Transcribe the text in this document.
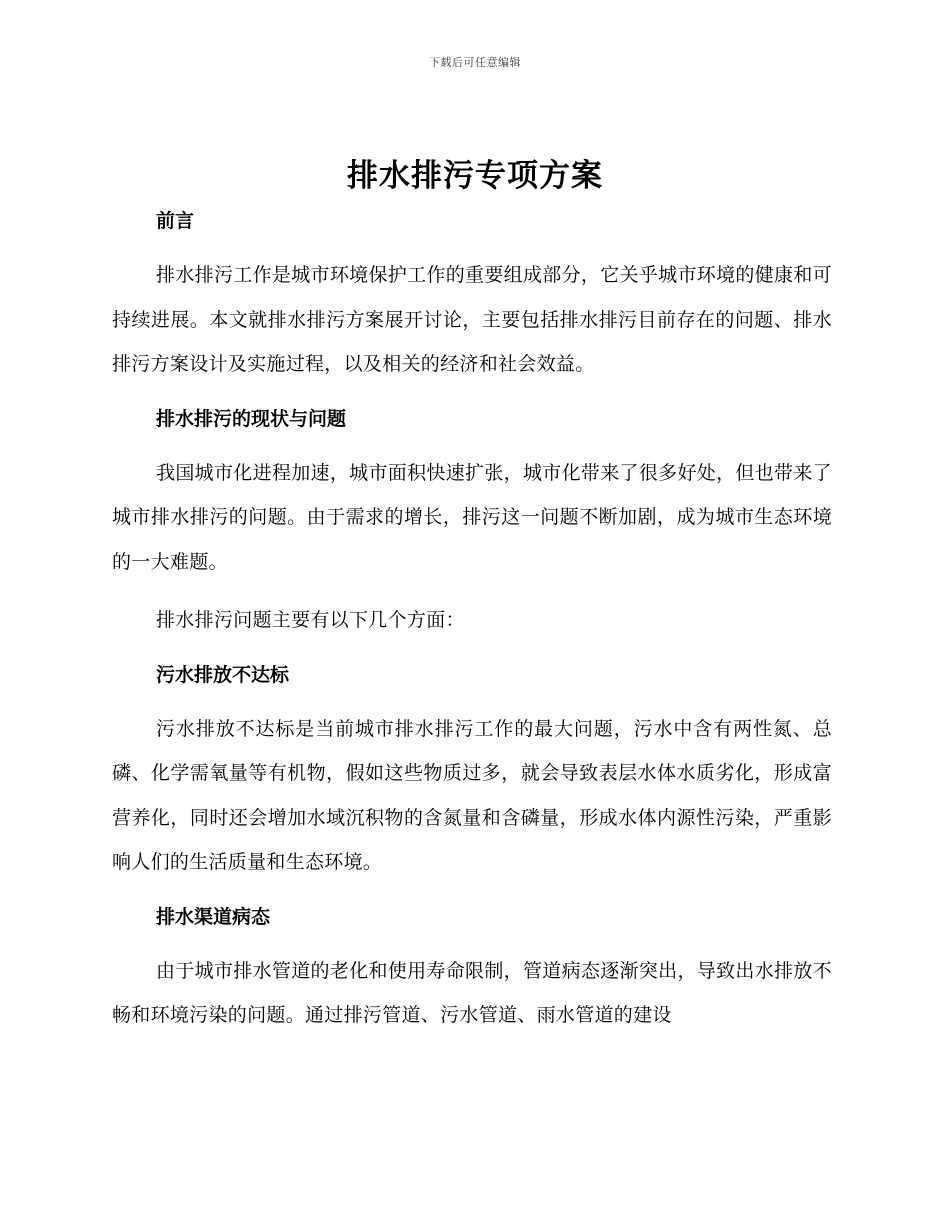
下载后可任意编辑
排水排污专项方案
前言

排水排污工作是城市环境保护工作的重要组成部分，它关乎城市环境的健康和可持续进展。本文就排水排污方案展开讨论，主要包括排水排污目前存在的问题、排水排污方案设计及实施过程，以及相关的经济和社会效益。

排水排污的现状与问题

我国城市化进程加速，城市面积快速扩张，城市化带来了很多好处，但也带来了城市排水排污的问题。由于需求的增长，排污这一问题不断加剧，成为城市生态环境的一大难题。

排水排污问题主要有以下几个方面：

污水排放不达标

污水排放不达标是当前城市排水排污工作的最大问题，污水中含有两性氮、总磷、化学需氧量等有机物，假如这些物质过多，就会导致表层水体水质劣化，形成富营养化，同时还会增加水域沉积物的含氮量和含磷量，形成水体内源性污染，严重影响人们的生活质量和生态环境。

排水渠道病态

由于城市排水管道的老化和使用寿命限制，管道病态逐渐突出，导致出水排放不畅和环境污染的问题。通过排污管道、污水管道、雨水管道的建设
